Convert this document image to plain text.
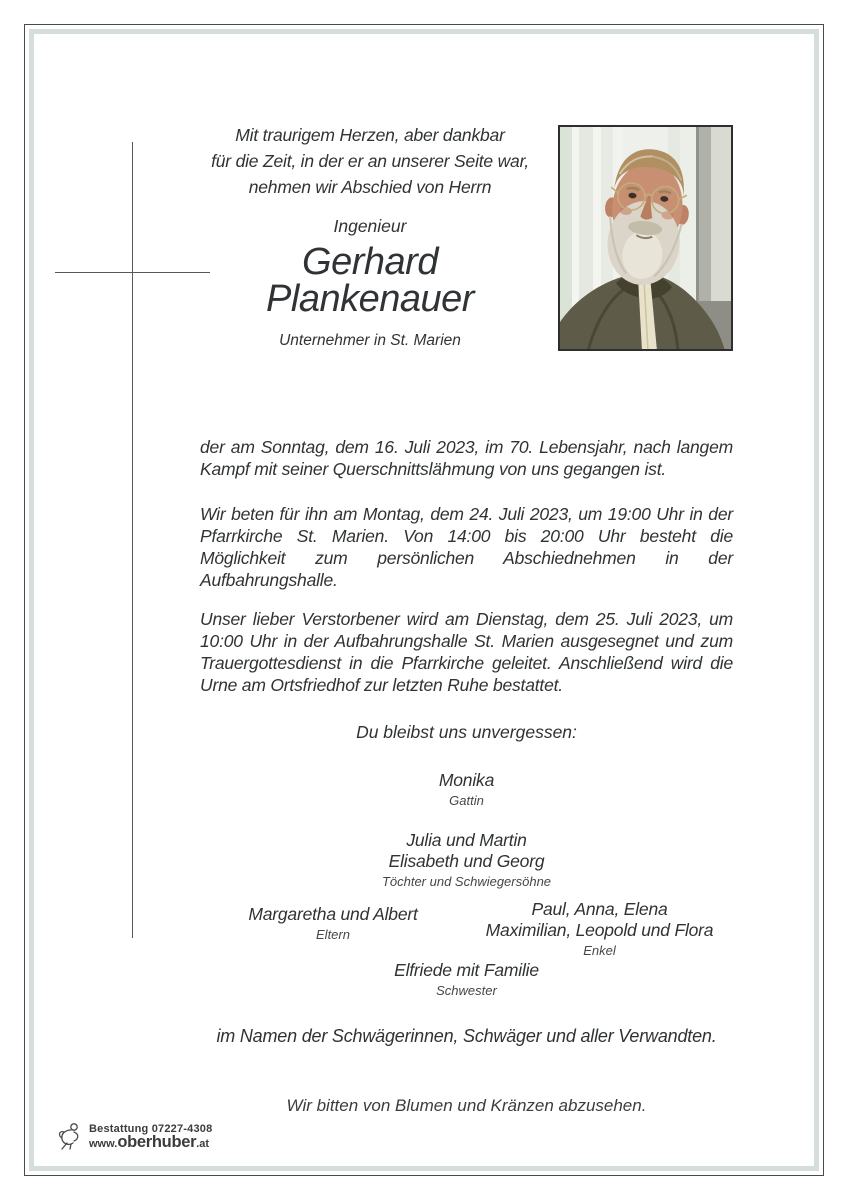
Mit traurigem Herzen, aber dankbar
für die Zeit, in der er an unserer Seite war,
nehmen wir Abschied von Herrn
Ingenieur
Gerhard
Plankenauer
Unternehmer in St. Marien

der am Sonntag, dem 16. Juli 2023, im 70. Lebensjahr, nach langem Kampf mit seiner Querschnittslähmung von uns gegangen ist.

Wir beten für ihn am Montag, dem 24. Juli 2023, um 19:00 Uhr in der Pfarrkirche St. Marien. Von 14:00 bis 20:00 Uhr besteht die Möglichkeit zum persönlichen Abschiednehmen in der Aufbahrungshalle.

Unser lieber Verstorbener wird am Dienstag, dem 25. Juli 2023, um 10:00 Uhr in der Aufbahrungshalle St. Marien ausgesegnet und zum Trauergottesdienst in die Pfarrkirche geleitet. Anschließend wird die Urne am Ortsfriedhof zur letzten Ruhe bestattet.

Du bleibst uns unvergessen:
Monika
Gattin
Julia und Martin
Elisabeth und Georg
Töchter und Schwiegersöhne
Margaretha und Albert
Eltern
Paul, Anna, Elena
Maximilian, Leopold und Flora
Enkel
Elfriede mit Familie
Schwester
im Namen der Schwägerinnen, Schwäger und aller Verwandten.
Wir bitten von Blumen und Kränzen abzusehen.
Bestattung 07227-4308
www.oberhuber.at
